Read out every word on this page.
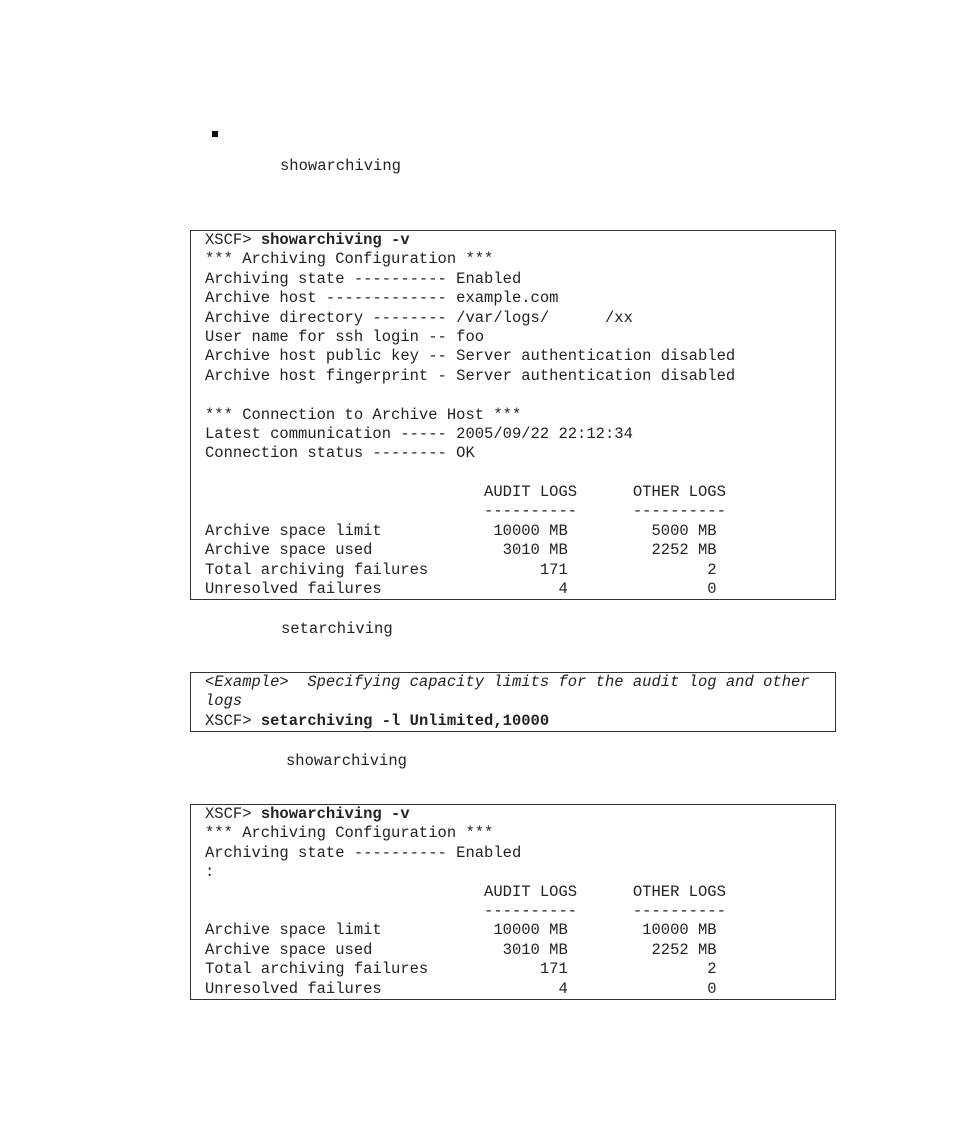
showarchiving
XSCF> showarchiving -v
*** Archiving Configuration ***
Archiving state ---------- Enabled
Archive host ------------- example.com
Archive directory -------- /var/logs/      /xx
User name for ssh login -- foo
Archive host public key -- Server authentication disabled
Archive host fingerprint - Server authentication disabled
*** Connection to Archive Host ***
Latest communication ----- 2005/09/22 22:12:34
Connection status -------- OK
AUDIT LOGS      OTHER LOGS
----------      ----------
Archive space limit            10000 MB         5000 MB
Archive space used              3010 MB         2252 MB
Total archiving failures            171               2
Unresolved failures                   4               0
setarchiving
<Example>  Specifying capacity limits for the audit log and other
logs
XSCF> setarchiving -l Unlimited,10000
showarchiving
XSCF> showarchiving -v
*** Archiving Configuration ***
Archiving state ---------- Enabled
:
AUDIT LOGS      OTHER LOGS
----------      ----------
Archive space limit            10000 MB        10000 MB
Archive space used              3010 MB         2252 MB
Total archiving failures            171               2
Unresolved failures                   4               0
